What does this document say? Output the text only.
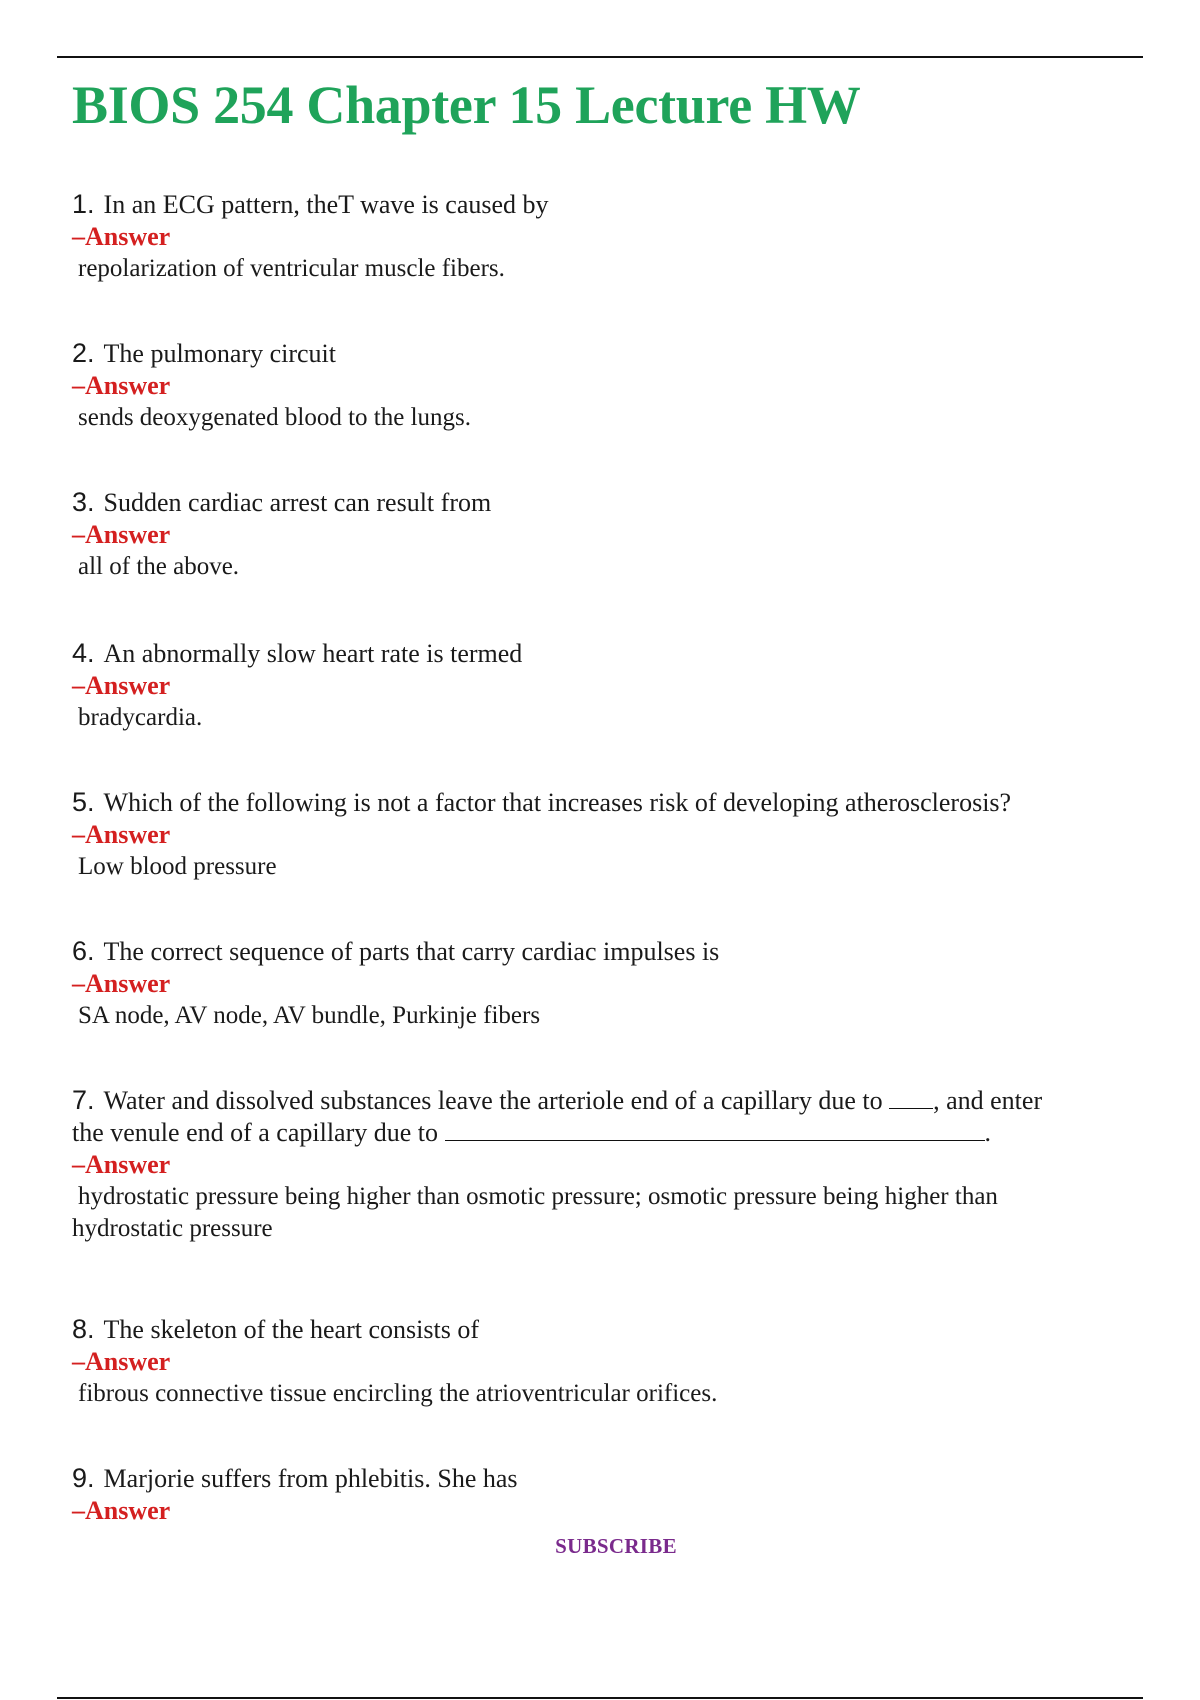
BIOS 254 Chapter 15 Lecture HW

1. In an ECG pattern, theT wave is caused by

–Answer

repolarization of ventricular muscle fibers.

2. The pulmonary circuit

–Answer

sends deoxygenated blood to the lungs.

3. Sudden cardiac arrest can result from

–Answer

all of the above.

4. An abnormally slow heart rate is termed

–Answer

bradycardia.

5. Which of the following is not a factor that increases risk of developing atherosclerosis?

–Answer

Low blood pressure

6. The correct sequence of parts that carry cardiac impulses is

–Answer

SA node, AV node, AV bundle, Purkinje fibers

7. Water and dissolved substances leave the arteriole end of a capillary due to , and enter

the venule end of a capillary due to	.

–Answer

hydrostatic pressure being higher than osmotic pressure; osmotic pressure being higher than

hydrostatic pressure

8. The skeleton of the heart consists of

–Answer

fibrous connective tissue encircling the atrioventricular orifices.

9. Marjorie suffers from phlebitis. She has

–Answer

SUBSCRIBE
